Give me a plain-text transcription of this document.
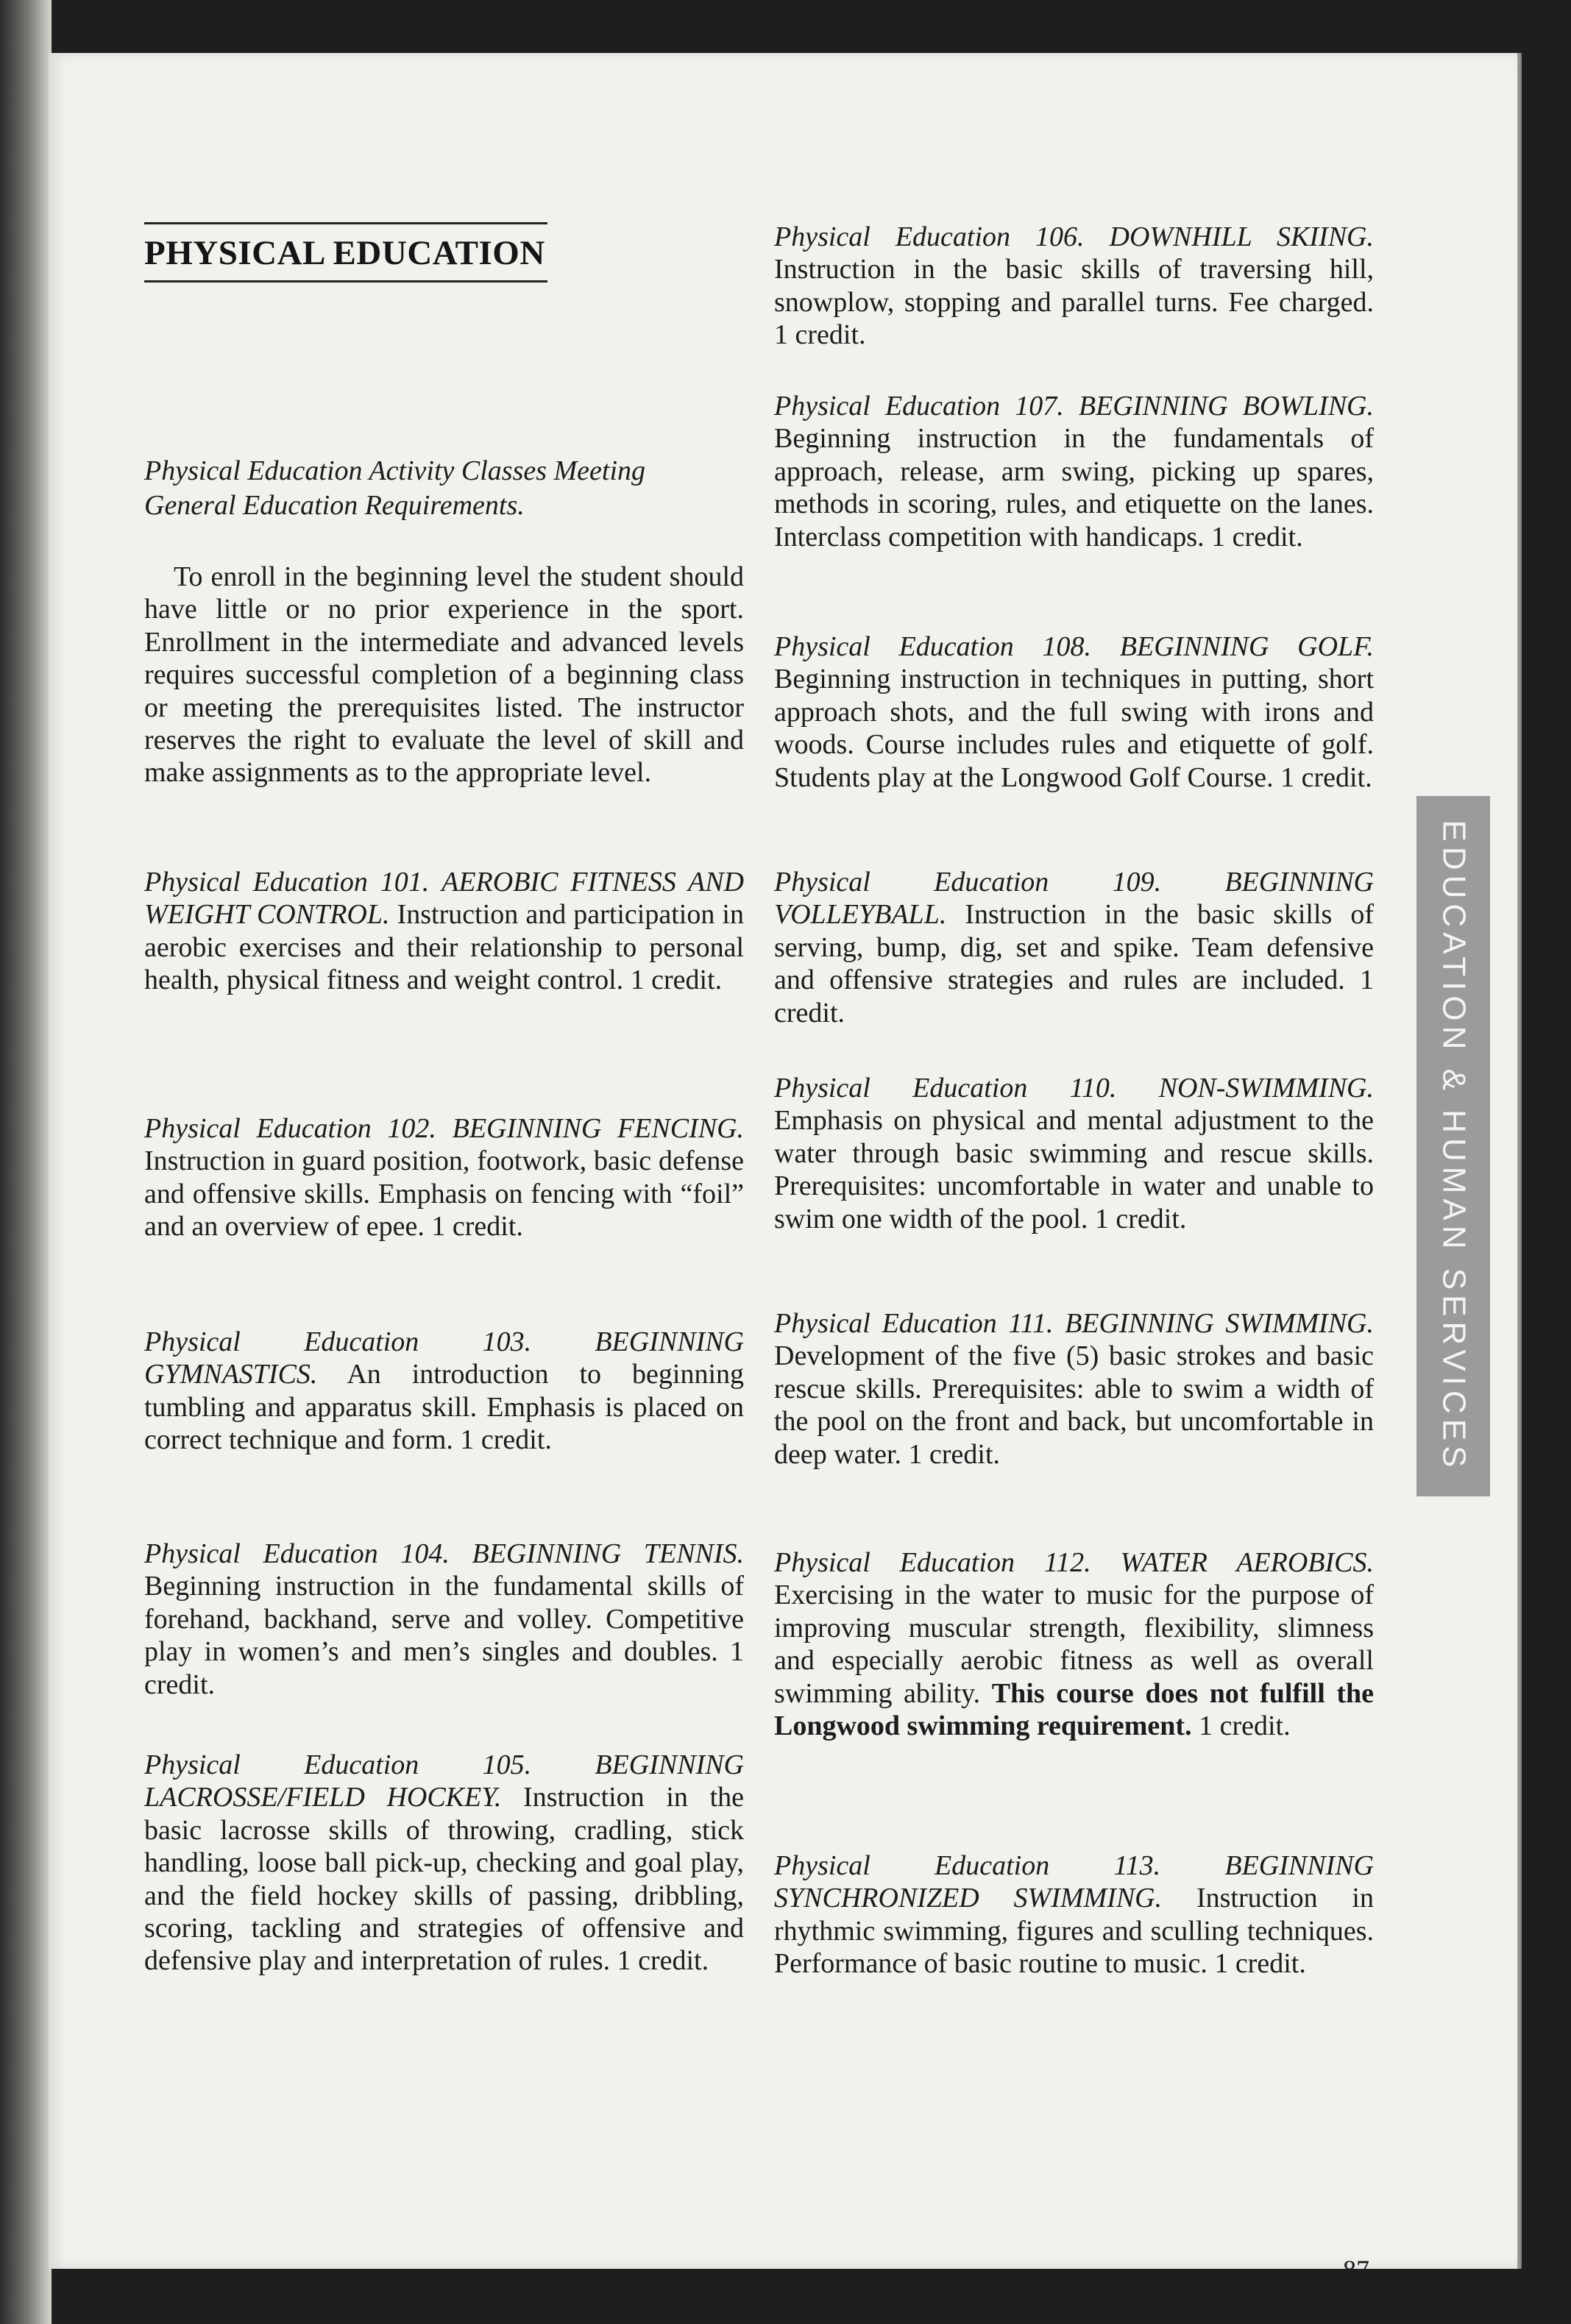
PHYSICAL EDUCATION
Physical Education Activity Classes Meeting General Education Requirements.

To enroll in the beginning level the student should have little or no prior experience in the sport. Enrollment in the intermediate and advanced levels requires successful completion of a beginning class or meeting the prerequisites listed. The instructor reserves the right to evaluate the level of skill and make assignments as to the appropriate level.

Physical Education 101. AEROBIC FITNESS AND WEIGHT CONTROL. Instruction and participation in aerobic exercises and their relationship to personal health, physical fitness and weight control. 1 credit.

Physical Education 102. BEGINNING FENCING. Instruction in guard position, footwork, basic defense and offensive skills. Emphasis on fencing with “foil” and an overview of epee. 1 credit.

Physical Education 103. BEGINNING GYMNASTICS. An introduction to beginning tumbling and apparatus skill. Emphasis is placed on correct technique and form. 1 credit.

Physical Education 104. BEGINNING TENNIS. Beginning instruction in the fundamental skills of forehand, backhand, serve and volley. Competitive play in women’s and men’s singles and doubles. 1 credit.

Physical Education 105. BEGINNING LACROSSE/FIELD HOCKEY. Instruction in the basic lacrosse skills of throwing, cradling, stick handling, loose ball pick-up, checking and goal play, and the field hockey skills of passing, dribbling, scoring, tackling and strategies of offensive and defensive play and interpretation of rules. 1 credit.

Physical Education 106. DOWNHILL SKIING. Instruction in the basic skills of traversing hill, snowplow, stopping and parallel turns. Fee charged. 1 credit.

Physical Education 107. BEGINNING BOWLING. Beginning instruction in the fundamentals of approach, release, arm swing, picking up spares, methods in scoring, rules, and etiquette on the lanes. Interclass competition with handicaps. 1 credit.

Physical Education 108. BEGINNING GOLF. Beginning instruction in techniques in putting, short approach shots, and the full swing with irons and woods. Course includes rules and etiquette of golf. Students play at the Longwood Golf Course. 1 credit.

Physical Education 109. BEGINNING VOLLEYBALL. Instruction in the basic skills of serving, bump, dig, set and spike. Team defensive and offensive strategies and rules are included. 1 credit.

Physical Education 110. NON-SWIMMING. Emphasis on physical and mental adjustment to the water through basic swimming and rescue skills. Prerequisites: uncomfortable in water and unable to swim one width of the pool. 1 credit.

Physical Education 111. BEGINNING SWIMMING. Development of the five (5) basic strokes and basic rescue skills. Prerequisites: able to swim a width of the pool on the front and back, but uncomfortable in deep water. 1 credit.

Physical Education 112. WATER AEROBICS. Exercising in the water to music for the purpose of improving muscular strength, flexibility, slimness and especially aerobic fitness as well as overall swimming ability. This course does not fulfill the Longwood swimming requirement. 1 credit.

Physical Education 113. BEGINNING SYNCHRONIZED SWIMMING. Instruction in rhythmic swimming, figures and sculling techniques. Performance of basic routine to music. 1 credit.

87
EDUCATION & HUMAN SERVICES
